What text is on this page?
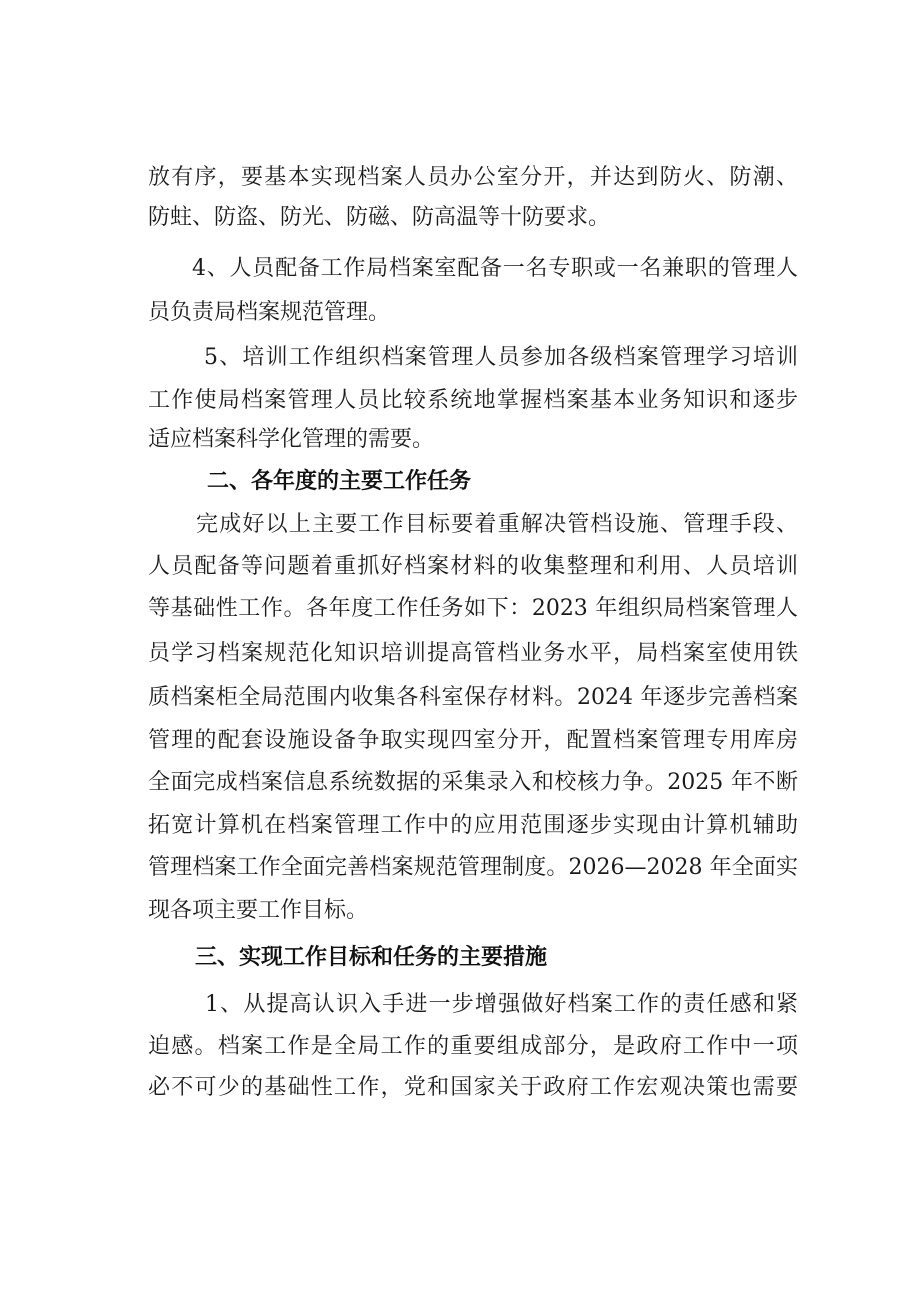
放有序，要基本实现档案人员办公室分开，并达到防火、防潮、
防蛀、防盗、防光、防磁、防高温等十防要求。
4、人员配备工作局档案室配备一名专职或一名兼职的管理人
员负责局档案规范管理。
5、培训工作组织档案管理人员参加各级档案管理学习培训
工作使局档案管理人员比较系统地掌握档案基本业务知识和逐步
适应档案科学化管理的需要。
二、各年度的主要工作任务
完成好以上主要工作目标要着重解决管档设施、管理手段、
人员配备等问题着重抓好档案材料的收集整理和利用、人员培训
等基础性工作。各年度工作任务如下：2023 年组织局档案管理人
员学习档案规范化知识培训提高管档业务水平，局档案室使用铁
质档案柜全局范围内收集各科室保存材料。2024 年逐步完善档案
管理的配套设施设备争取实现四室分开，配置档案管理专用库房
全面完成档案信息系统数据的采集录入和校核力争。2025 年不断
拓宽计算机在档案管理工作中的应用范围逐步实现由计算机辅助
管理档案工作全面完善档案规范管理制度。2026—2028 年全面实
现各项主要工作目标。
三、实现工作目标和任务的主要措施
1、从提高认识入手进一步增强做好档案工作的责任感和紧
迫感。档案工作是全局工作的重要组成部分，是政府工作中一项
必不可少的基础性工作，党和国家关于政府工作宏观决策也需要
